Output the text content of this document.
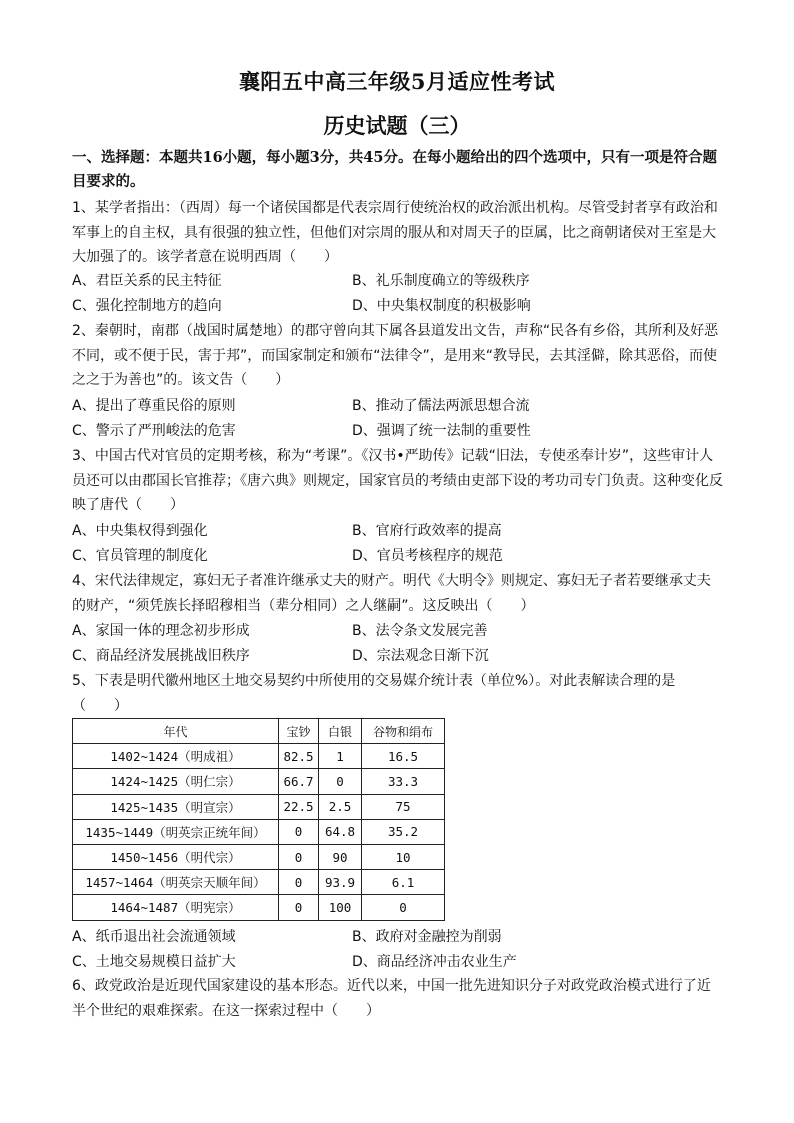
襄阳五中高三年级5月适应性考试
历史试题（三）
一、选择题：本题共16小题，每小题3分，共45分。在每小题给出的四个选项中，只有一项是符合题目要求的。
1、某学者指出：（西周）每一个诸侯国都是代表宗周行使统治权的政治派出机构。尽管受封者享有政治和军事上的自主权，具有很强的独立性，但他们对宗周的服从和对周天子的臣属，比之商朝诸侯对王室是大大加强了的。该学者意在说明西周（　　）
A、君臣关系的民主特征	B、礼乐制度确立的等级秩序
C、强化控制地方的趋向	D、中央集权制度的积极影响
2、秦朝时，南郡（战国时属楚地）的郡守曾向其下属各县道发出文告，声称“民各有乡俗，其所利及好恶不同，或不便于民，害于邦”，而国家制定和颁布“法律令”，是用来“教导民，去其淫僻，除其恶俗，而使之之于为善也”的。该文告（　　）
A、提出了尊重民俗的原则	B、推动了儒法两派思想合流
C、警示了严刑峻法的危害	D、强调了统一法制的重要性
3、中国古代对官员的定期考核，称为“考课”。《汉书•严助传》记载“旧法，专使丞奉计岁”，这些审计人员还可以由郡国长官推荐；《唐六典》则规定，国家官员的考绩由吏部下设的考功司专门负责。这种变化反映了唐代（　　）
A、中央集权得到强化	B、官府行政效率的提高
C、官员管理的制度化	D、官员考核程序的规范
4、宋代法律规定，寡妇无子者准许继承丈夫的财产。明代《大明令》则规定、寡妇无子者若要继承丈夫的财产，“须凭族长择昭穆相当（辈分相同）之人继嗣”。这反映出（　　）
A、家国一体的理念初步形成	B、法令条文发展完善
C、商品经济发展挑战旧秩序	D、宗法观念日渐下沉
5、下表是明代徽州地区土地交易契约中所使用的交易媒介统计表（单位%）。对此表解读合理的是（　　）
年代	宝钞	白银	谷物和绢布
1402~1424（明成祖）	82.5	1	16.5
1424~1425（明仁宗）	66.7	0	33.3
1425~1435（明宣宗）	22.5	2.5	75
1435~1449（明英宗正统年间）	0	64.8	35.2
1450~1456（明代宗）	0	90	10
1457~1464（明英宗天顺年间）	0	93.9	6.1
1464~1487（明宪宗）	0	100	0
A、纸币退出社会流通领域	B、政府对金融控为削弱
C、土地交易规模日益扩大	D、商品经济冲击农业生产
6、政党政治是近现代国家建设的基本形态。近代以来，中国一批先进知识分子对政党政治模式进行了近半个世纪的艰难探索。在这一探索过程中（　　）
